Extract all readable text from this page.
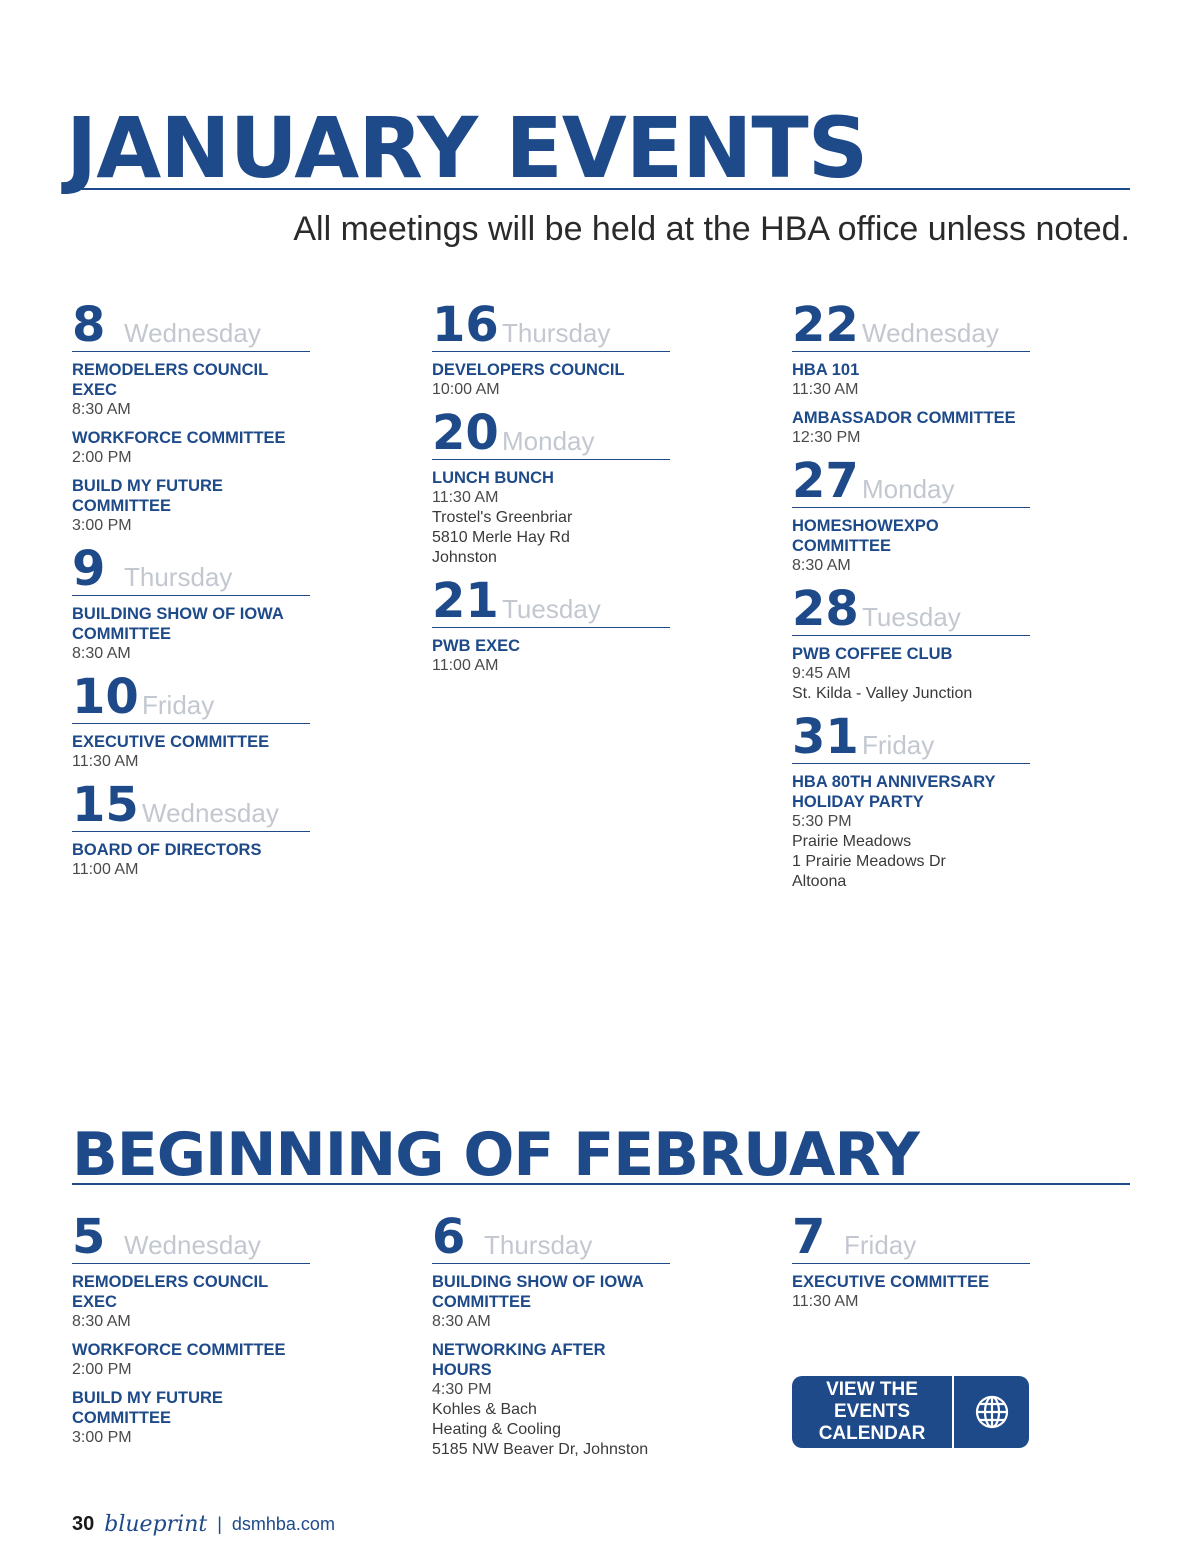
JANUARY EVENTS
All meetings will be held at the HBA office unless noted.
8 Wednesday
REMODELERS COUNCIL EXEC
8:30 AM
WORKFORCE COMMITTEE
2:00 PM
BUILD MY FUTURE COMMITTEE
3:00 PM
9 Thursday
BUILDING SHOW OF IOWA COMMITTEE
8:30 AM
10 Friday
EXECUTIVE COMMITTEE
11:30 AM
15 Wednesday
BOARD OF DIRECTORS
11:00 AM
16 Thursday
DEVELOPERS COUNCIL
10:00 AM
20 Monday
LUNCH BUNCH
11:30 AM
Trostel's Greenbriar
5810 Merle Hay Rd
Johnston
21 Tuesday
PWB EXEC
11:00 AM
22 Wednesday
HBA 101
11:30 AM
AMBASSADOR COMMITTEE
12:30 PM
27 Monday
HOMESHOWEXPO COMMITTEE
8:30 AM
28 Tuesday
PWB COFFEE CLUB
9:45 AM
St. Kilda - Valley Junction
31 Friday
HBA 80TH ANNIVERSARY HOLIDAY PARTY
5:30 PM
Prairie Meadows
1 Prairie Meadows Dr
Altoona
BEGINNING OF FEBRUARY
5 Wednesday
REMODELERS COUNCIL EXEC
8:30 AM
WORKFORCE COMMITTEE
2:00 PM
BUILD MY FUTURE COMMITTEE
3:00 PM
6 Thursday
BUILDING SHOW OF IOWA COMMITTEE
8:30 AM
NETWORKING AFTER HOURS
4:30 PM
Kohles & Bach
Heating & Cooling
5185 NW Beaver Dr, Johnston
7 Friday
EXECUTIVE COMMITTEE
11:30 AM
VIEW THE EVENTS
CALENDAR
30 blueprint | dsmhba.com
